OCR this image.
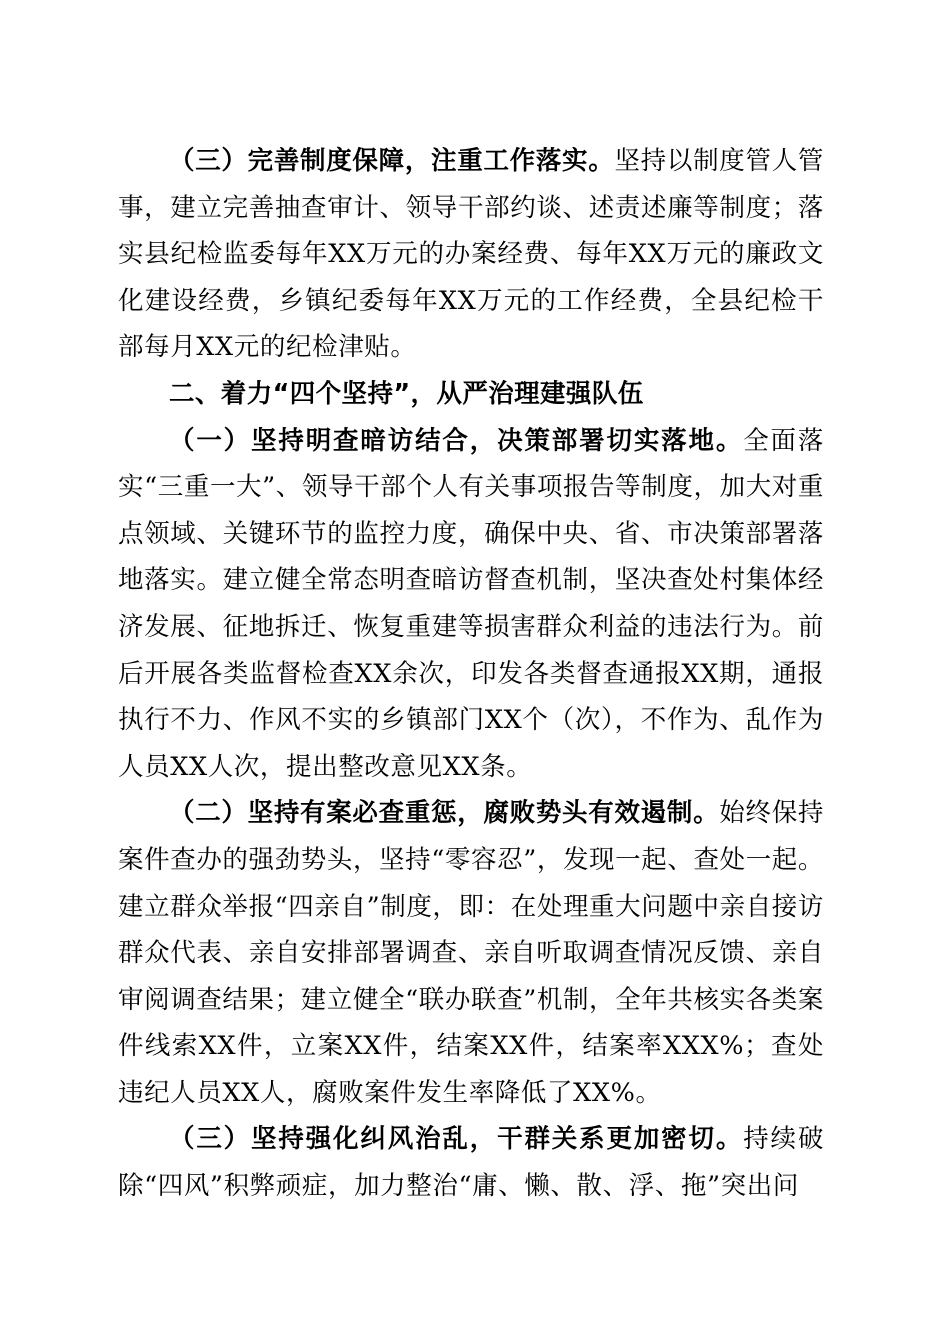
（三）完善制度保障，注重工作落实。坚持以制度管人管事，建立完善抽查审计、领导干部约谈、述责述廉等制度；落实县纪检监委每年XX万元的办案经费、每年XX万元的廉政文化建设经费，乡镇纪委每年XX万元的工作经费，全县纪检干部每月XX元的纪检津贴。

二、着力“四个坚持”，从严治理建强队伍

（一）坚持明查暗访结合，决策部署切实落地。全面落实“三重一大”、领导干部个人有关事项报告等制度，加大对重点领域、关键环节的监控力度，确保中央、省、市决策部署落地落实。建立健全常态明查暗访督查机制，坚决查处村集体经济发展、征地拆迁、恢复重建等损害群众利益的违法行为。前后开展各类监督检查XX余次，印发各类督查通报XX期，通报执行不力、作风不实的乡镇部门XX个（次），不作为、乱作为人员XX人次，提出整改意见XX条。

（二）坚持有案必查重惩，腐败势头有效遏制。始终保持案件查办的强劲势头，坚持“零容忍”，发现一起、查处一起。建立群众举报“四亲自”制度，即：在处理重大问题中亲自接访群众代表、亲自安排部署调查、亲自听取调查情况反馈、亲自审阅调查结果；建立健全“联办联查”机制，全年共核实各类案件线索XX件，立案XX件，结案XX件，结案率XXX%；查处违纪人员XX人，腐败案件发生率降低了XX%。

（三）坚持强化纠风治乱，干群关系更加密切。持续破除“四风”积弊顽症，加力整治“庸、懒、散、浮、拖”突出问
